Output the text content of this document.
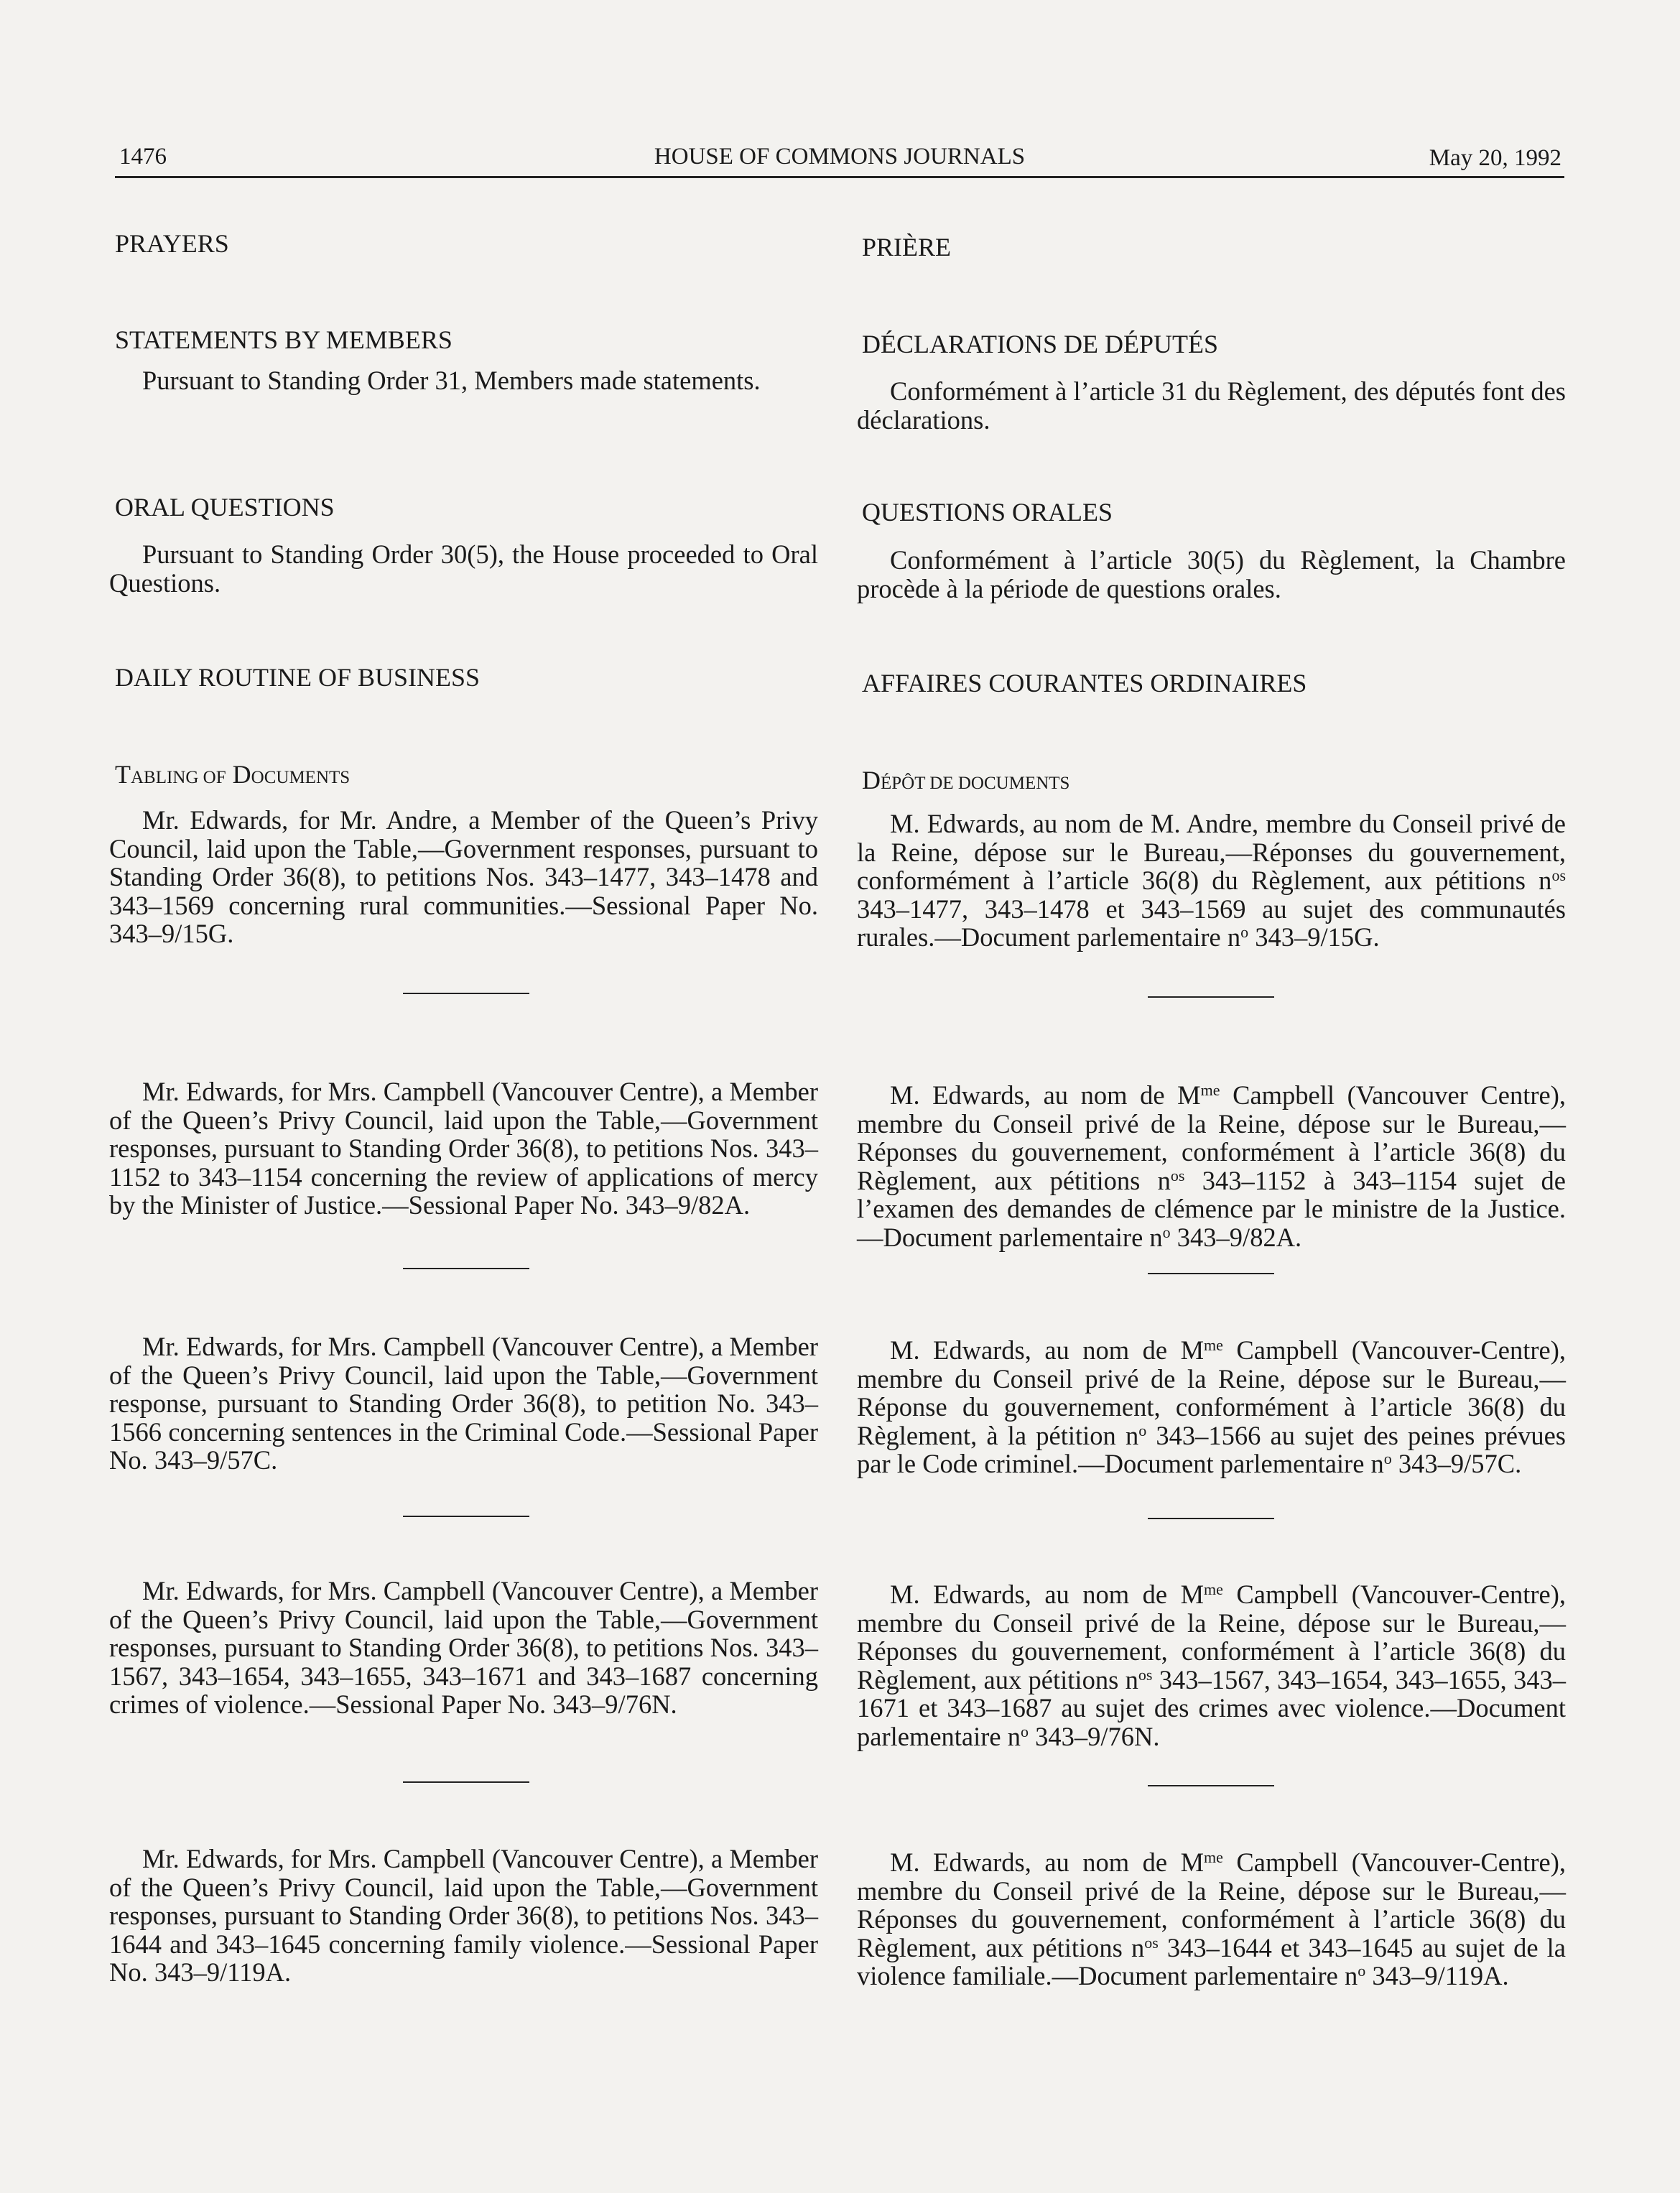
1476	HOUSE OF COMMONS JOURNALS	May 20, 1992
PRAYERS
STATEMENTS BY MEMBERS

Pursuant to Standing Order 31, Members made statements.

ORAL QUESTIONS

Pursuant to Standing Order 30(5), the House proceeded to Oral Questions.

DAILY ROUTINE OF BUSINESS
TABLING OF DOCUMENTS

Mr. Edwards, for Mr. Andre, a Member of the Queen’s Privy Council, laid upon the Table,—Government responses, pursuant to Standing Order 36(8), to petitions Nos. 343–1477, 343–1478 and 343–1569 concerning rural communities.—Sessional Paper No. 343–9/15G.

Mr. Edwards, for Mrs. Campbell (Vancouver Centre), a Member of the Queen’s Privy Council, laid upon the Table,—Government responses, pursuant to Standing Order 36(8), to petitions Nos. 343–1152 to 343–1154 concerning the review of applications of mercy by the Minister of Justice.—Sessional Paper No. 343–9/82A.

Mr. Edwards, for Mrs. Campbell (Vancouver Centre), a Member of the Queen’s Privy Council, laid upon the Table,—Government response, pursuant to Standing Order 36(8), to petition No. 343–1566 concerning sentences in the Criminal Code.—Sessional Paper No. 343–9/57C.

Mr. Edwards, for Mrs. Campbell (Vancouver Centre), a Member of the Queen’s Privy Council, laid upon the Table,—Government responses, pursuant to Standing Order 36(8), to petitions Nos. 343–1567, 343–1654, 343–1655, 343–1671 and 343–1687 concerning crimes of violence.—Sessional Paper No. 343–9/76N.

Mr. Edwards, for Mrs. Campbell (Vancouver Centre), a Member of the Queen’s Privy Council, laid upon the Table,—Government responses, pursuant to Standing Order 36(8), to petitions Nos. 343–1644 and 343–1645 concerning family violence.—Sessional Paper No. 343–9/119A.

PRIÈRE
DÉCLARATIONS DE DÉPUTÉS

Conformément à l’article 31 du Règlement, des députés font des déclarations.

QUESTIONS ORALES

Conformément à l’article 30(5) du Règlement, la Chambre procède à la période de questions orales.

AFFAIRES COURANTES ORDINAIRES
DÉPÔT DE DOCUMENTS

M. Edwards, au nom de M. Andre, membre du Conseil privé de la Reine, dépose sur le Bureau,—Réponses du gouvernement, conformément à l’article 36(8) du Règlement, aux pétitions $n^{os}$ 343–1477, 343–1478 et 343–1569 au sujet des communautés rurales.—Document parlementaire $n^o$ 343–9/15G.

M. Edwards, au nom de $M^{me}$ Campbell (Vancouver Centre), membre du Conseil privé de la Reine, dépose sur le Bureau,—Réponses du gouvernement, conformément à l’article 36(8) du Règlement, aux pétitions $n^{os}$ 343–1152 à 343–1154 sujet de l’examen des demandes de clémence par le ministre de la Justice.—Document parlementaire $n^o$ 343–9/82A.

M. Edwards, au nom de $M^{me}$ Campbell (Vancouver-Centre), membre du Conseil privé de la Reine, dépose sur le Bureau,—Réponse du gouvernement, conformément à l’article 36(8) du Règlement, à la pétition $n^o$ 343–1566 au sujet des peines prévues par le Code criminel.—Document parlementaire $n^o$ 343–9/57C.

M. Edwards, au nom de $M^{me}$ Campbell (Vancouver-Centre), membre du Conseil privé de la Reine, dépose sur le Bureau,—Réponses du gouvernement, conformément à l’article 36(8) du Règlement, aux pétitions $n^{os}$ 343–1567, 343–1654, 343–1655, 343–1671 et 343–1687 au sujet des crimes avec violence.—Document parlementaire $n^o$ 343–9/76N.

M. Edwards, au nom de $M^{me}$ Campbell (Vancouver-Centre), membre du Conseil privé de la Reine, dépose sur le Bureau,—Réponses du gouvernement, conformément à l’article 36(8) du Règlement, aux pétitions $n^{os}$ 343–1644 et 343–1645 au sujet de la violence familiale.—Document parlementaire $n^o$ 343–9/119A.
